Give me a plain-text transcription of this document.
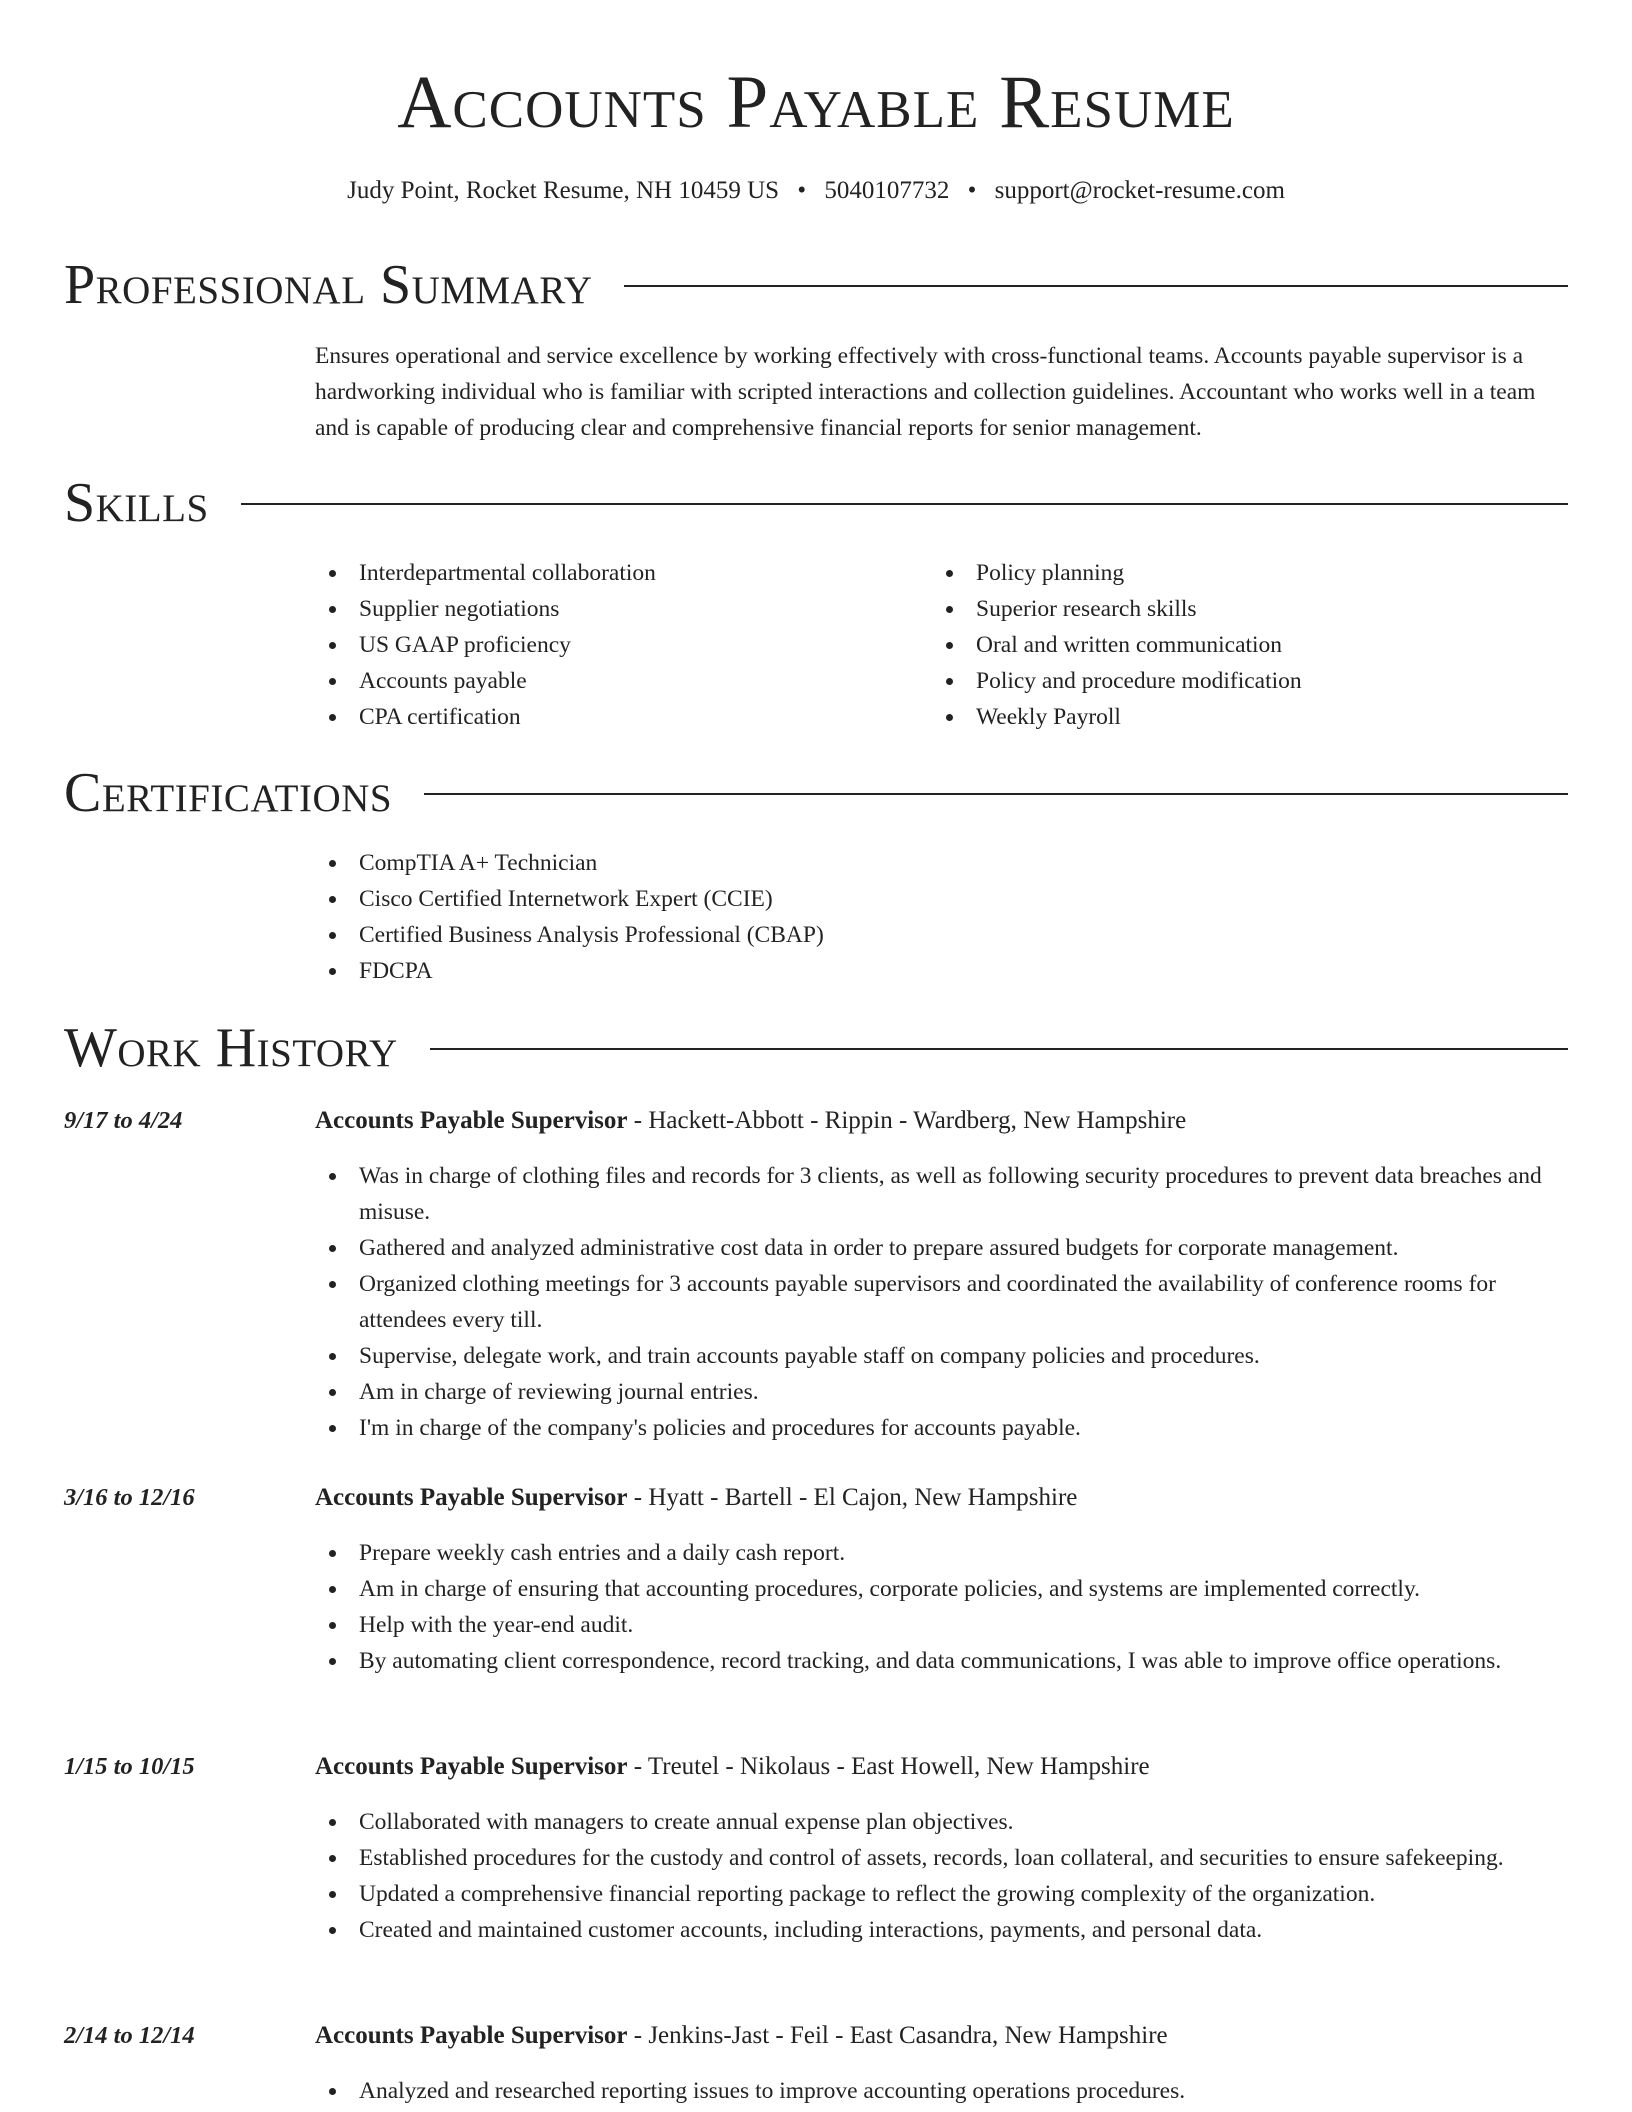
Accounts Payable Resume
Judy Point, Rocket Resume, NH 10459 US • 5040107732 • support@rocket-resume.com
Professional Summary

Ensures operational and service excellence by working effectively with cross-functional teams. Accounts payable supervisor is a hardworking individual who is familiar with scripted interactions and collection guidelines. Accountant who works well in a team and is capable of producing clear and comprehensive financial reports for senior management.

Skills
Interdepartmental collaboration
Supplier negotiations
US GAAP proficiency
Accounts payable
CPA certification
Policy planning
Superior research skills
Oral and written communication
Policy and procedure modification
Weekly Payroll
Certifications
CompTIA A+ Technician
Cisco Certified Internetwork Expert (CCIE)
Certified Business Analysis Professional (CBAP)
FDCPA
Work History
9/17 to 4/24	Accounts Payable Supervisor - Hackett-Abbott - Rippin - Wardberg, New Hampshire
Was in charge of clothing files and records for 3 clients, as well as following security procedures to prevent data breaches and misuse.
Gathered and analyzed administrative cost data in order to prepare assured budgets for corporate management.
Organized clothing meetings for 3 accounts payable supervisors and coordinated the availability of conference rooms for attendees every till.
Supervise, delegate work, and train accounts payable staff on company policies and procedures.
Am in charge of reviewing journal entries.
I'm in charge of the company's policies and procedures for accounts payable.
3/16 to 12/16	Accounts Payable Supervisor - Hyatt - Bartell - El Cajon, New Hampshire
Prepare weekly cash entries and a daily cash report.
Am in charge of ensuring that accounting procedures, corporate policies, and systems are implemented correctly.
Help with the year-end audit.
By automating client correspondence, record tracking, and data communications, I was able to improve office operations.
1/15 to 10/15	Accounts Payable Supervisor - Treutel - Nikolaus - East Howell, New Hampshire
Collaborated with managers to create annual expense plan objectives.
Established procedures for the custody and control of assets, records, loan collateral, and securities to ensure safekeeping.
Updated a comprehensive financial reporting package to reflect the growing complexity of the organization.
Created and maintained customer accounts, including interactions, payments, and personal data.
2/14 to 12/14	Accounts Payable Supervisor - Jenkins-Jast - Feil - East Casandra, New Hampshire
Analyzed and researched reporting issues to improve accounting operations procedures.
